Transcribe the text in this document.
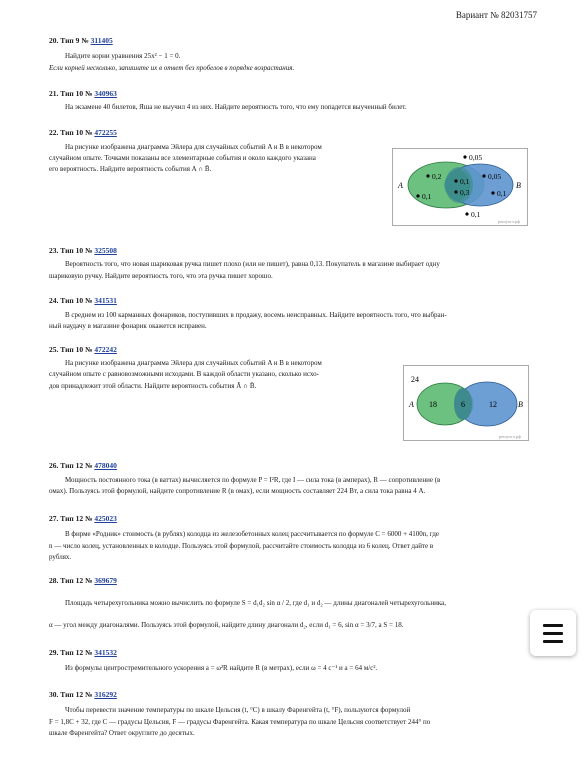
Вариант № 82031757
20. Тип 9 № 311405
Найдите корни уравнения 25x² − 1 = 0.
Если корней несколько, запишите их в ответ без пробелов в порядке возрастания.
21. Тип 10 № 340963
На экзамене 40 билетов, Яша не выучил 4 из них. Найдите вероятность того, что ему попадется выученный билет.
22. Тип 10 № 472255
На рисунке изображена диаграмма Эйлера для случайных событий A и B в некотором
случайном опыте. Точками показаны все элементарные события и около каждого указана
его вероятность. Найдите вероятность события A ∩ B̄.
A	B
0,05
0,2
0,1
0,05
0,3
0,1	0,1
0,1
решуогэ.рф
23. Тип 10 № 325508
Вероятность того, что новая шариковая ручка пишет плохо (или не пишет), равна 0,13. Покупатель в магазине выбирает одну
шариковую ручку. Найдите вероятность того, что эта ручка пишет хорошо.
24. Тип 10 № 341531
В среднем из 100 карманных фонариков, поступивших в продажу, восемь неисправных. Найдите вероятность того, что выбран-
ный наудачу в магазине фонарик окажется исправен.
25. Тип 10 № 472242
На рисунке изображена диаграмма Эйлера для случайных событий A и B в некотором
случайном опыте с равновозможными исходами. В каждой области указано, сколько исхо-
дов принадлежит этой области. Найдите вероятность события Ā ∩ B̄.
24
18	6	12
A	B
решуогэ.рф
26. Тип 12 № 478040
Мощность постоянного тока (в ваттах) вычисляется по формуле P = I²R, где I — сила тока (в амперах), R — сопротивление (в
омах). Пользуясь этой формулой, найдите сопротивление R (в омах), если мощность составляет 224 Вт, а сила тока равна 4 А.
27. Тип 12 № 425023
В фирме «Родник» стоимость (в рублях) колодца из железобетонных колец рассчитывается по формуле C = 6000 + 4100n, где
n — число колец, установленных в колодце. Пользуясь этой формулой, рассчитайте стоимость колодца из 6 колец. Ответ дайте в
рублях.
28. Тип 12 № 369679
Площадь четырехугольника можно вычислить по формуле S = d₁d₂ sin α / 2, где d₁ и d₂ — длины диагоналей четырехугольника,
α — угол между диагоналями. Пользуясь этой формулой, найдите длину диагонали d₂, если d₁ = 6, sin α = 3/7, а S = 18.
29. Тип 12 № 341532
Из формулы центростремительного ускорения a = ω²R найдите R (в метрах), если ω = 4 с⁻¹ и a = 64 м/с².
30. Тип 12 № 316292
Чтобы перевести значение температуры по шкале Цельсия (t, °C) в шкалу Фаренгейта (t, °F), пользуются формулой
F = 1,8C + 32, где C — градусы Цельсия, F — градусы Фаренгейта. Какая температура по шкале Цельсия соответствует 244° по
шкале Фаренгейта? Ответ округлите до десятых.
